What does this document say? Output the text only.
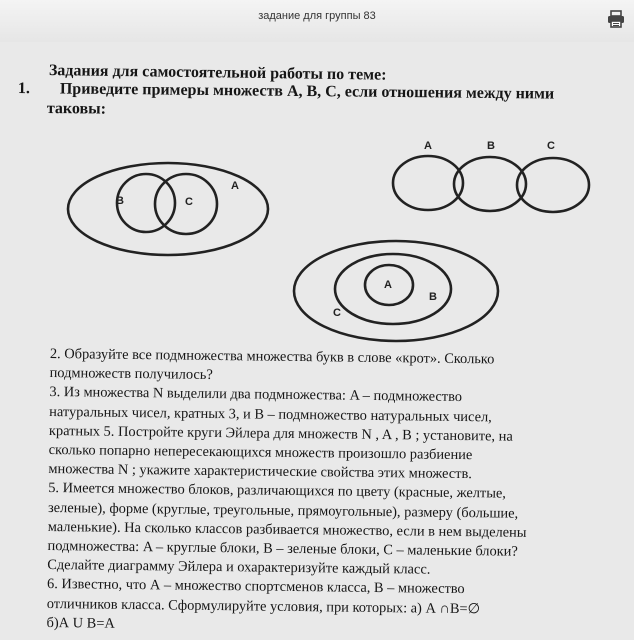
задание для группы 83
Задания для самостоятельной работы по теме:
1. Приведите примеры множеств А, В, С, если отношения между ними
таковы:
A
B	C
A	B	C
A
B
C
2. Образуйте все подмножества множества букв в слове «крот». Сколько
подмножеств получилось?
3. Из множества N выделили два подмножества: A – подмножество
натуральных чисел, кратных 3, и B – подмножество натуральных чисел,
кратных 5. Постройте круги Эйлера для множеств N , A , B ; установите, на
сколько попарно непересекающихся множеств произошло разбиение
множества N ; укажите характеристические свойства этих множеств.
5. Имеется множество блоков, различающихся по цвету (красные, желтые,
зеленые), форме (круглые, треугольные, прямоугольные), размеру (большие,
маленькие). На сколько классов разбивается множество, если в нем выделены
подмножества: A – круглые блоки, B – зеленые блоки, C – маленькие блоки?
Сделайте диаграмму Эйлера и охарактеризуйте каждый класс.
6. Известно, что А – множество спортсменов класса, В – множество
отличников класса. Сформулируйте условия, при которых: а) А ∩В=∅
б)А U В=А
